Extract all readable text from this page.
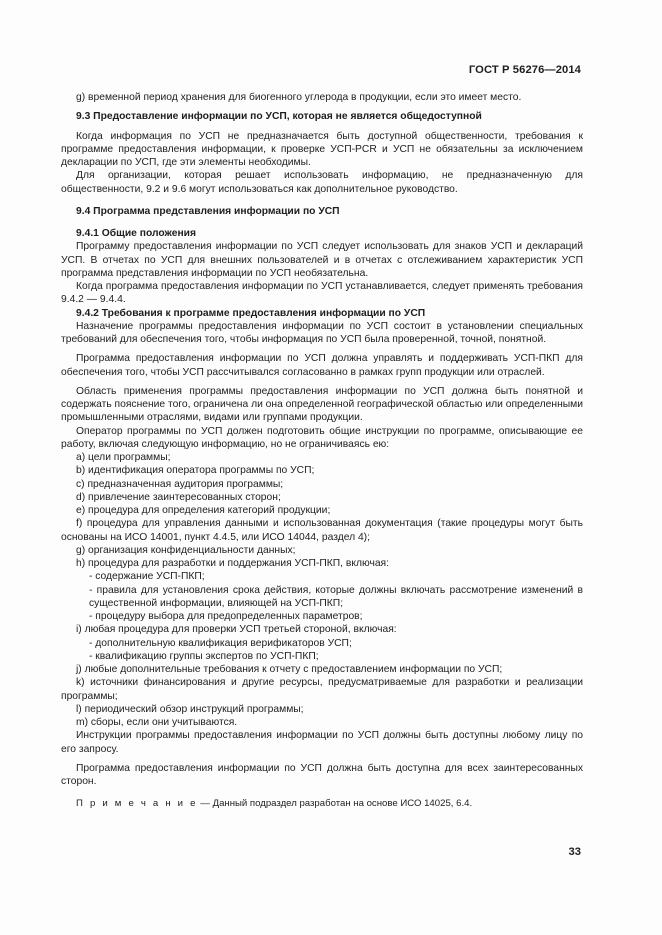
ГОСТ Р 56276—2014

g) временной период хранения для биогенного углерода в продукции, если это имеет место.

9.3 Предоставление информации по УСП, которая не является общедоступной

Когда информация по УСП не предназначается быть доступной общественности, требования к программе предоставления информации, к проверке УСП-PCR и УСП не обязательны за исключением декларации по УСП, где эти элементы необходимы.

Для организации, которая решает использовать информацию, не предназначенную для общественности, 9.2 и 9.6 могут использоваться как дополнительное руководство.

9.4 Программа представления информации по УСП

9.4.1 Общие положения

Программу предоставления информации по УСП следует использовать для знаков УСП и деклараций УСП. В отчетах по УСП для внешних пользователей и в отчетах с отслеживанием характеристик УСП программа представления информации по УСП необязательна.

Когда программа предоставления информации по УСП устанавливается, следует применять требования 9.4.2 — 9.4.4.

9.4.2 Требования к программе предоставления информации по УСП

Назначение программы предоставления информации по УСП состоит в установлении специальных требований для обеспечения того, чтобы информация по УСП была проверенной, точной, понятной.

Программа предоставления информации по УСП должна управлять и поддерживать УСП-ПКП для обеспечения того, чтобы УСП рассчитывался согласованно в рамках групп продукции или отраслей.

Область применения программы предоставления информации по УСП должна быть понятной и содержать пояснение того, ограничена ли она определенной географической областью или определенными промышленными отраслями, видами или группами продукции.

Оператор программы по УСП должен подготовить общие инструкции по программе, описывающие ее работу, включая следующую информацию, но не ограничиваясь ею:

a) цели программы;

b) идентификация оператора программы по УСП;

c) предназначенная аудитория программы;

d) привлечение заинтересованных сторон;

e) процедура для определения категорий продукции;

f) процедура для управления данными и использованная документация (такие процедуры могут быть основаны на ИСО 14001, пункт 4.4.5, или ИСО 14044, раздел 4);

g) организация конфиденциальности данных;

h) процедура для разработки и поддержания УСП-ПКП, включая:

- содержание УСП-ПКП;

- правила для установления срока действия, которые должны включать рассмотрение изменений в существенной информации, влияющей на УСП-ПКП;

- процедуру выбора для предопределенных параметров;

i) любая процедура для проверки УСП третьей стороной, включая:

- дополнительную квалификация верификаторов УСП;

- квалификацию группы экспертов по УСП-ПКП;

j) любые дополнительные требования к отчету с предоставлением информации по УСП;

k) источники финансирования и другие ресурсы, предусматриваемые для разработки и реализации программы;

l) периодический обзор инструкций программы;

m) сборы, если они учитываются.

Инструкции программы предоставления информации по УСП должны быть доступны любому лицу по его запросу.

Программа предоставления информации по УСП должна быть доступна для всех заинтересованных сторон.

П р и м е ч а н и е — Данный подраздел разработан на основе ИСО 14025, 6.4.

33
